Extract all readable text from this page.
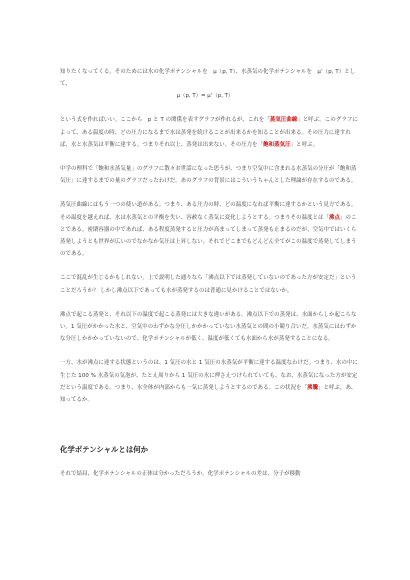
知りたくなってくる。そのためには水の化学ポテンシャルを　μ（p, T）、水蒸気の化学ポテンシャルを　μ’（p, T）として、

μ（p, T）= μ’（p, T）

という式を作ればいい。ここから　p と T の関係を表すグラフが作れるが、これを「蒸気圧曲線」と呼ぶ。このグラフによって、ある温度の時、どの圧力になるまで水は蒸発を続けることが出来るかを知ることが出来る。その圧力に達すれば、水と水蒸気は平衡に達する。つまりそれ以上、蒸発は出来ない。その圧力を「飽和蒸気圧」と呼ぶ。

中学の理科で「飽和水蒸気量」のグラフに散々お世話になった思うが、つまり空気中に含まれる水蒸気の分圧が「飽和蒸気圧」に達するまでの量のグラフだったわけだ。あのグラフの背景にはこういうちゃんとした理論が存在するのである。

蒸気圧曲線にはもう一つの使い道がある。つまり、ある圧力の時、どの温度になれば平衡に達するかという見方である。その温度を越えれば、水は水蒸気との平衡を失い、容赦なく蒸気に変化しようとする。つまりその温度とは「沸点」のことである。密閉容器の中であれば、ある程度蒸発すると圧力が高まってしまって蒸発も止まるのだが、空気中ではいくら蒸発しようとも世界が広いのでなかなか気圧は上昇しない。それでどこまでもどんどん全てがこの温度で蒸発してしまうのである。

ここで混乱が生じるかもしれない。上で説明した通りなら「沸点以下では蒸発していないのであった方が安定だ」ということだろうか？ しかし沸点以下であっても水が蒸発するのは普通に見かけることではないか。

沸点で起こる蒸発と、それ以下の温度で起こる蒸発には大きな違いがある。沸点以下での蒸発は、水面からしか起こらない。1 気圧がかかった水と、空気中のわずかな分圧しかかかっていない水蒸気との間の小競り合いだ。水蒸気にはわずかな分圧しかかかっていないので、化学ポテンシャルが低く、温度が低くても水面から水が蒸発することになる。

一方、水が沸点に達する状態というのは、1 気圧の水と 1 気圧の水蒸気が平衡に達する温度なわけだ。つまり、水の中に生じた 100 % 水蒸気の気泡が、たとえ周りから 1 気圧の水に押さえつけられていても、なお、水蒸気になった方が安定だという温度である。つまり、水全体が内部からも一気に蒸発しようとするのである。この状況を「沸騰」と呼ぶ。あ、知ってるか。

化学ポテンシャルとは何か

それで結局、化学ポテンシャルの正体は分かっただろうか。化学ポテンシャルの差は、分子が移動
